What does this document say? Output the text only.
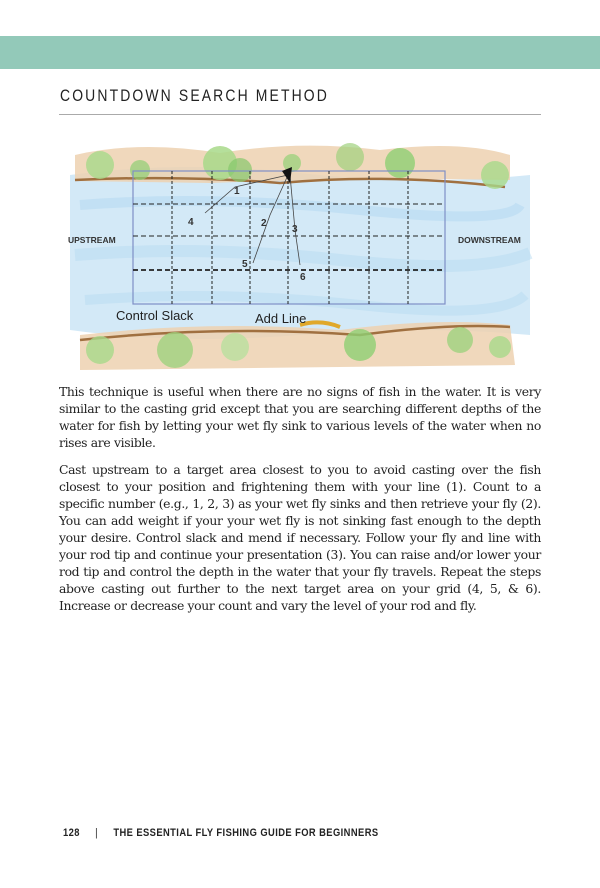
COUNTDOWN SEARCH METHOD
1
2
3
4
5
6
UPSTREAM	DOWNSTREAM
Control Slack	Add Line

This technique is useful when there are no signs of fish in the water. It is very similar to the casting grid except that you are searching different depths of the water for fish by letting your wet fly sink to various levels of the water when no rises are visible.

Cast upstream to a target area closest to you to avoid casting over the fish closest to your position and frightening them with your line (1). Count to a specific number (e.g., 1, 2, 3) as your wet fly sinks and then retrieve your fly (2). You can add weight if your your wet fly is not sinking fast enough to the depth your desire. Control slack and mend if necessary. Follow your fly and line with your rod tip and continue your presentation (3). You can raise and/or lower your rod tip and control the depth in the water that your fly travels. Repeat the steps above casting out further to the next target area on your grid (4, 5, & 6). Increase or decrease your count and vary the level of your rod and fly.

128 | THE ESSENTIAL FLY FISHING GUIDE FOR BEGINNERS
